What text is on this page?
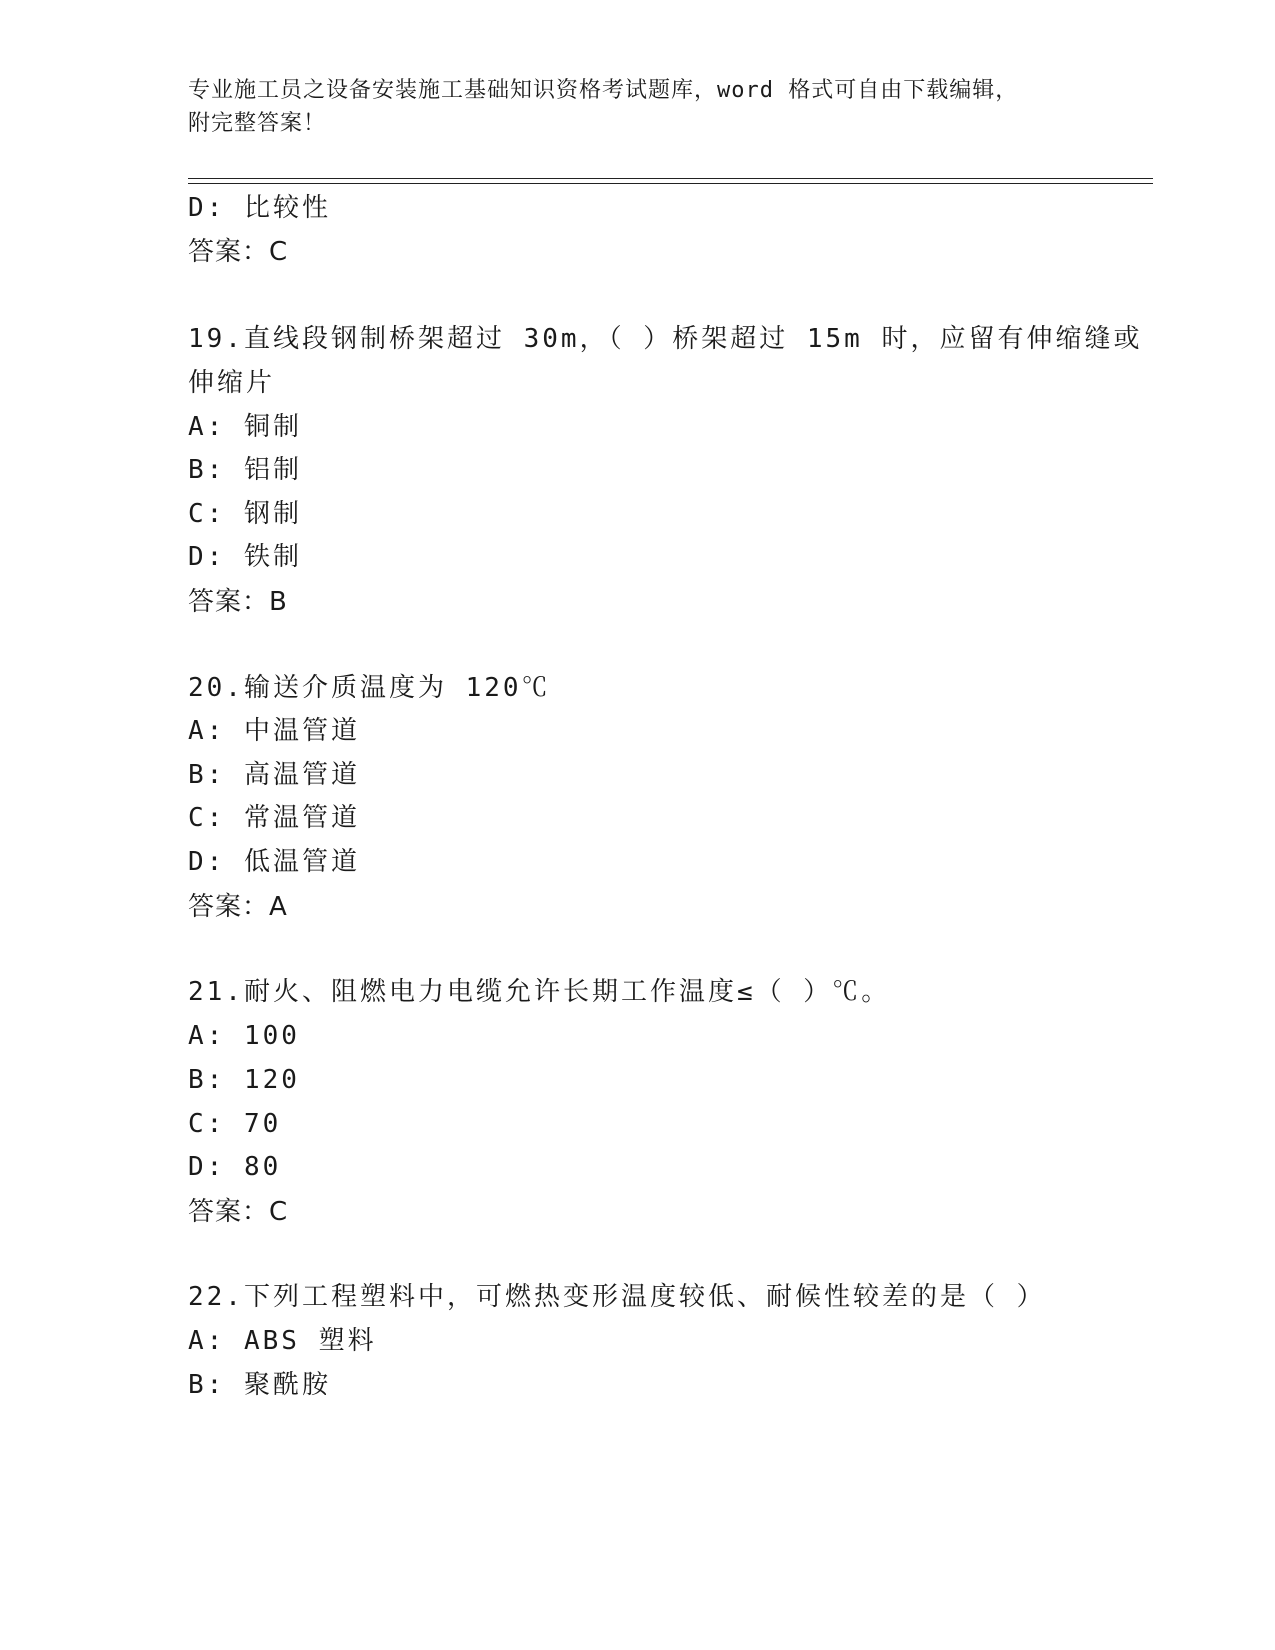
专业施工员之设备安装施工基础知识资格考试题库，word 格式可自由下载编辑，
附完整答案！
D: 比较性
答案：C
19.直线段钢制桥架超过 30m，（ ）桥架超过 15m 时，应留有伸缩缝或
伸缩片
A: 铜制
B: 铝制
C: 钢制
D: 铁制
答案：B
20.输送介质温度为 120℃
A: 中温管道
B: 高温管道
C: 常温管道
D: 低温管道
答案：A
21.耐火、阻燃电力电缆允许长期工作温度≤（ ）℃。
A: 100
B: 120
C: 70
D: 80
答案：C
22.下列工程塑料中，可燃热变形温度较低、耐候性较差的是（ ）
A: ABS 塑料
B: 聚酰胺
